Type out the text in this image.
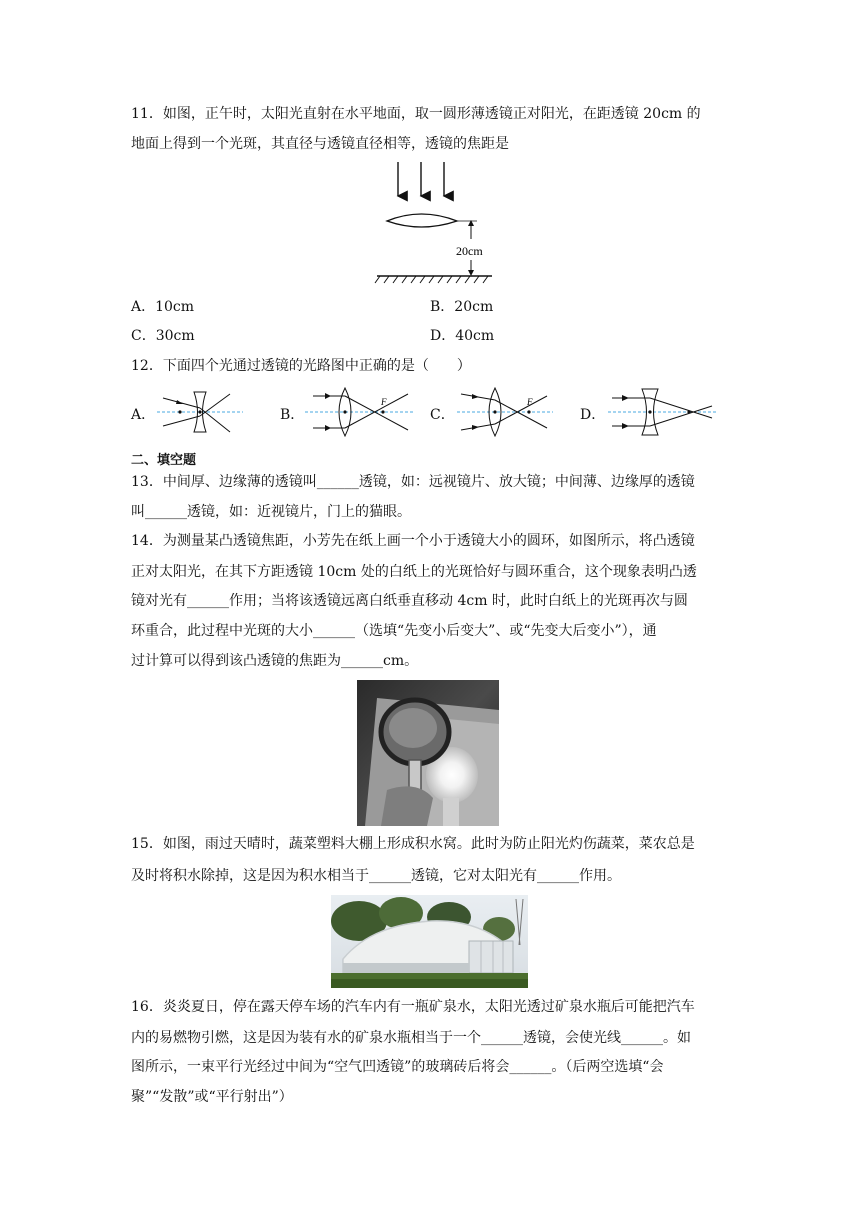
11．如图，正午时，太阳光直射在水平地面，取一圆形薄透镜正对阳光，在距透镜 20cm 的
地面上得到一个光斑，其直径与透镜直径相等，透镜的焦距是
20cm
A．10cm	B．20cm
C．30cm	D．40cm
12．下面四个光通过透镜的光路图中正确的是（　　）
A．	B．
F
C．
F
D．
二、填空题
13．中间厚、边缘薄的透镜叫______透镜，如：远视镜片、放大镜；中间薄、边缘厚的透镜
叫______透镜，如：近视镜片，门上的猫眼。
14．为测量某凸透镜焦距，小芳先在纸上画一个小于透镜大小的圆环，如图所示，将凸透镜
正对太阳光，在其下方距透镜 10cm 处的白纸上的光斑恰好与圆环重合，这个现象表明凸透
镜对光有______作用；当将该透镜远离白纸垂直移动 4cm 时，此时白纸上的光斑再次与圆
环重合，此过程中光斑的大小______（选填“先变小后变大”、或“先变大后变小”），通
过计算可以得到该凸透镜的焦距为______cm。
15．如图，雨过天晴时，蔬菜塑料大棚上形成积水窝。此时为防止阳光灼伤蔬菜，菜农总是
及时将积水除掉，这是因为积水相当于______透镜，它对太阳光有______作用。
16．炎炎夏日，停在露天停车场的汽车内有一瓶矿泉水，太阳光透过矿泉水瓶后可能把汽车
内的易燃物引燃，这是因为装有水的矿泉水瓶相当于一个______透镜，会使光线______。如
图所示，一束平行光经过中间为“空气凹透镜”的玻璃砖后将会______。（后两空选填“会
聚”“发散”或“平行射出”）
